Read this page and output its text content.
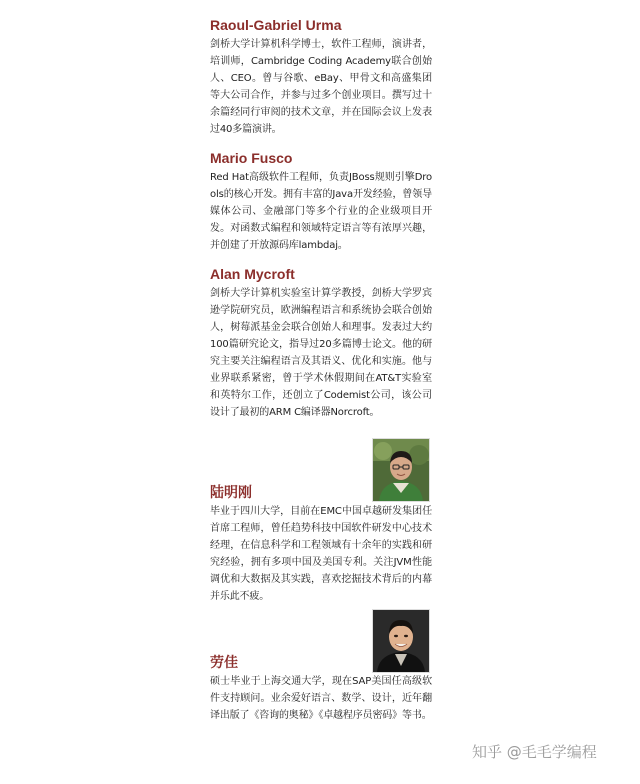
Raoul-Gabriel Urma

剑桥大学计算机科学博士，软件工程师，演讲者，培训师，Cambridge Coding Academy联合创始人、CEO。曾与谷歌、eBay、甲骨文和高盛集团等大公司合作，并参与过多个创业项目。撰写过十余篇经同行审阅的技术文章，并在国际会议上发表过40多篇演讲。

Mario Fusco

Red Hat高级软件工程师，负责JBoss规则引擎Drools的核心开发。拥有丰富的Java开发经验，曾领导媒体公司、金融部门等多个行业的企业级项目开发。对函数式编程和领域特定语言等有浓厚兴趣，并创建了开放源码库lambdaj。

Alan Mycroft

剑桥大学计算机实验室计算学教授，剑桥大学罗宾逊学院研究员，欧洲编程语言和系统协会联合创始人，树莓派基金会联合创始人和理事。发表过大约100篇研究论文，指导过20多篇博士论文。他的研究主要关注编程语言及其语义、优化和实施。他与业界联系紧密，曾于学术休假期间在AT&T实验室和英特尔工作，还创立了Codemist公司，该公司设计了最初的ARM C编译器Norcroft。

陆明刚

毕业于四川大学，目前在EMC中国卓越研发集团任首席工程师，曾任趋势科技中国软件研发中心技术经理，在信息科学和工程领域有十余年的实践和研究经验，拥有多项中国及美国专利。关注JVM性能调优和大数据及其实践，喜欢挖掘技术背后的内幕并乐此不疲。

劳佳

硕士毕业于上海交通大学，现在SAP美国任高级软件支持顾问。业余爱好语言、数学、设计，近年翻译出版了《咨询的奥秘》《卓越程序员密码》等书。

知乎 @毛毛学编程
